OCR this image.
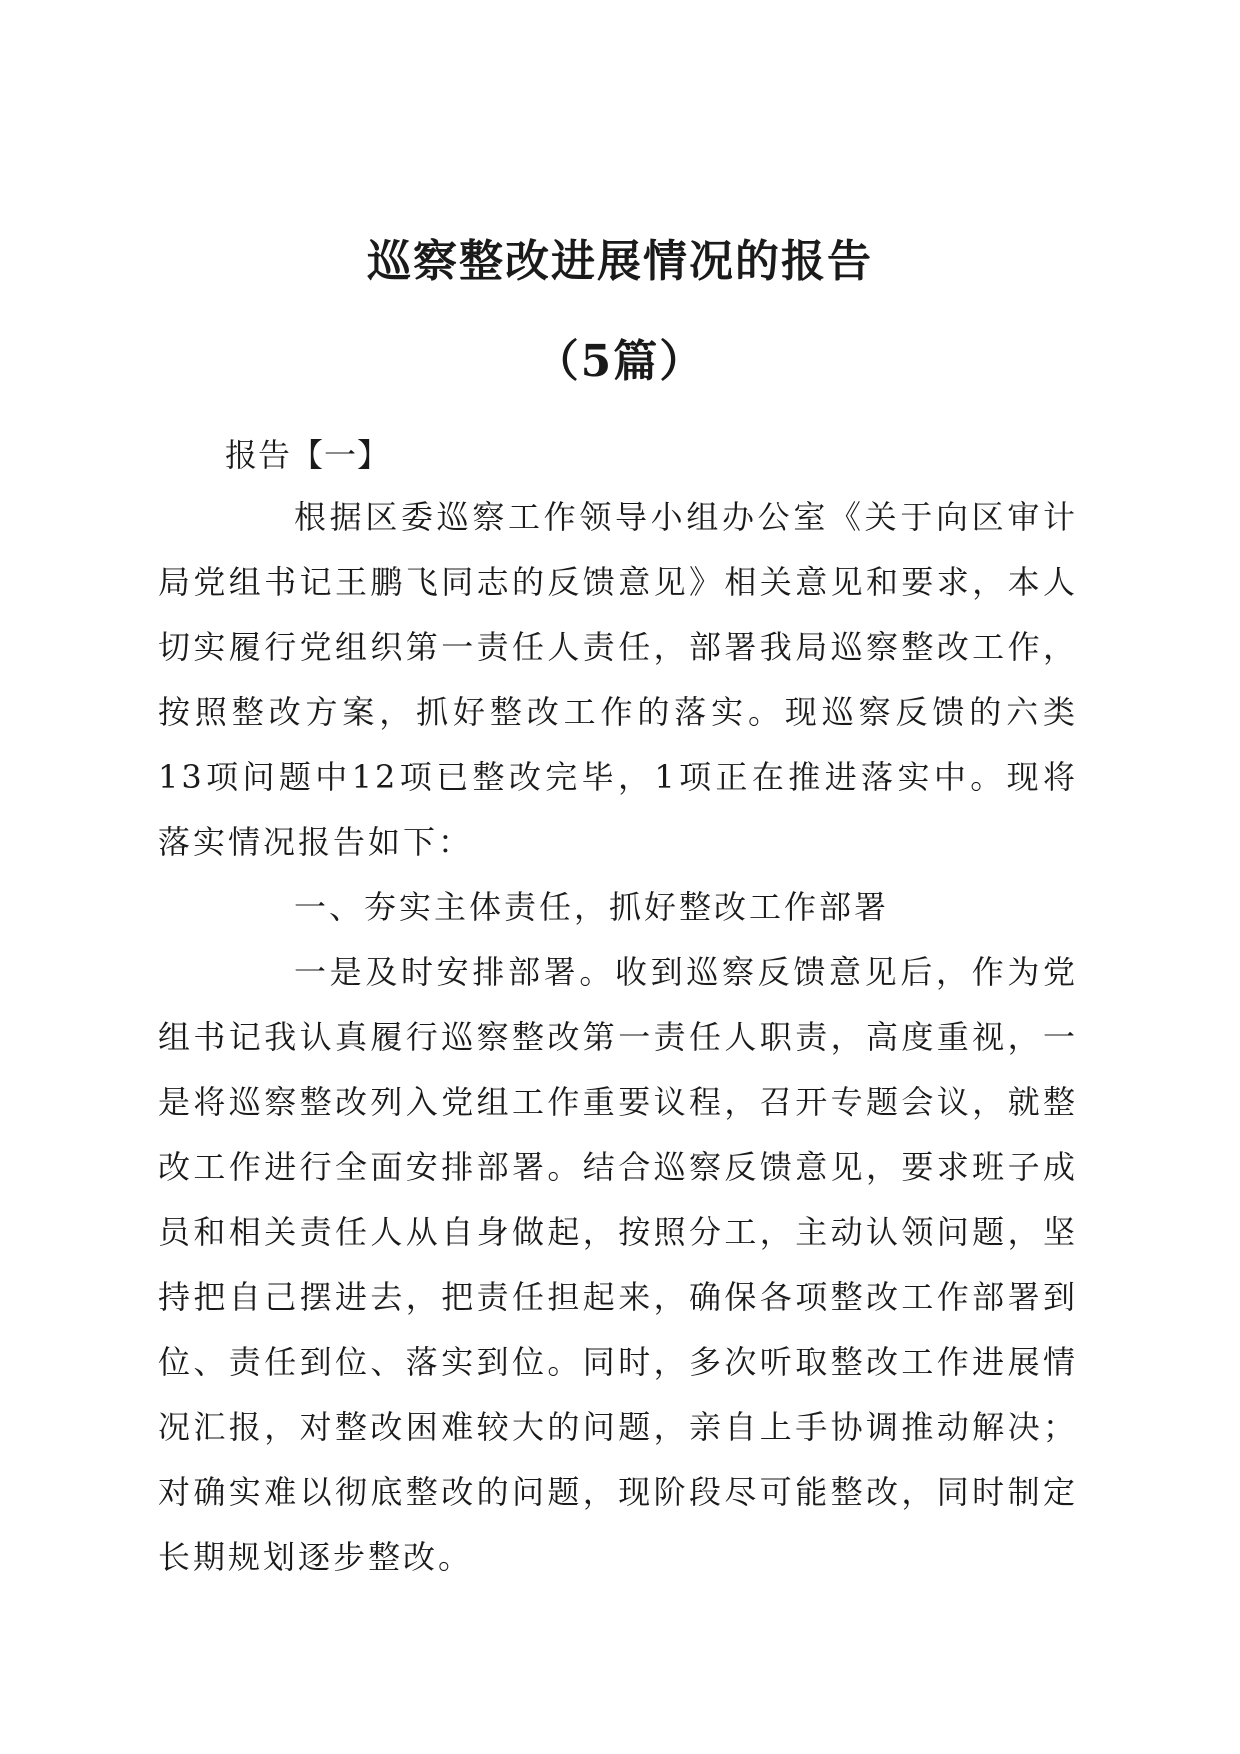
巡察整改进展情况的报告
（5篇）

报告【一】

根据区委巡察工作领导小组办公室《关于向区审计局党组书记王鹏飞同志的反馈意见》相关意见和要求，本人切实履行党组织第一责任人责任，部署我局巡察整改工作，按照整改方案，抓好整改工作的落实。现巡察反馈的六类13项问题中12项已整改完毕，1项正在推进落实中。现将落实情况报告如下：

一、夯实主体责任，抓好整改工作部署

一是及时安排部署。收到巡察反馈意见后，作为党组书记我认真履行巡察整改第一责任人职责，高度重视，一是将巡察整改列入党组工作重要议程，召开专题会议，就整改工作进行全面安排部署。结合巡察反馈意见，要求班子成员和相关责任人从自身做起，按照分工，主动认领问题，坚持把自己摆进去，把责任担起来，确保各项整改工作部署到位、责任到位、落实到位。同时，多次听取整改工作进展情况汇报，对整改困难较大的问题，亲自上手协调推动解决；对确实难以彻底整改的问题，现阶段尽可能整改，同时制定长期规划逐步整改。
